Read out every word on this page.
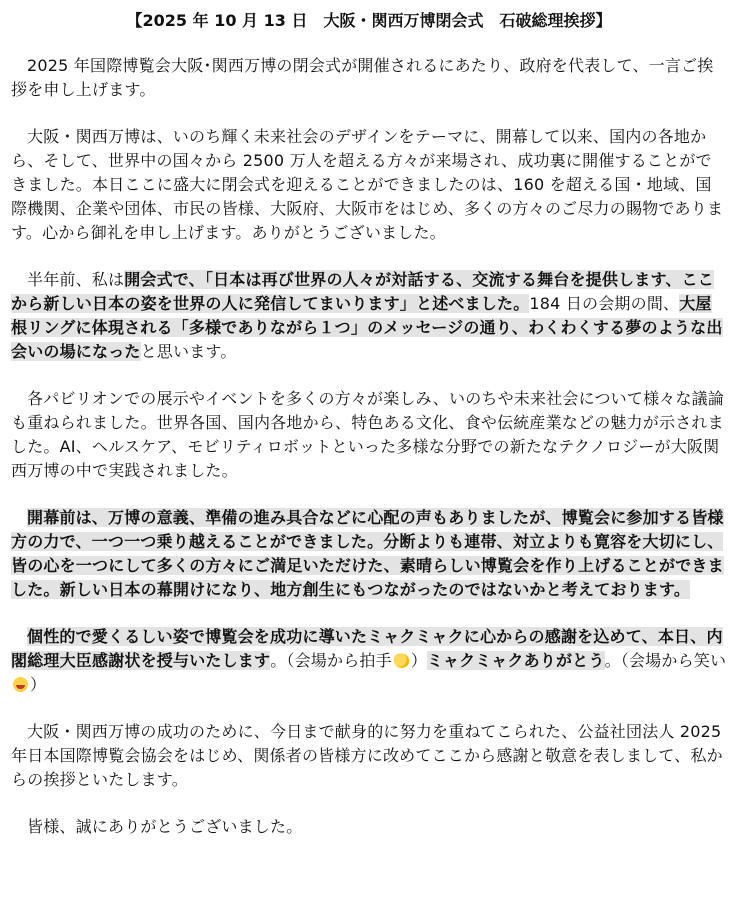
【2025 年 10 月 13 日　大阪・関西万博閉会式　石破総理挨拶】

2025 年国際博覧会大阪･関西万博の閉会式が開催されるにあたり、政府を代表して、一言ご挨拶を申し上げます。

大阪・関西万博は、いのち輝く未来社会のデザインをテーマに、開幕して以来、国内の各地から、そして、世界中の国々から 2500 万人を超える方々が来場され、成功裏に開催することができました。本日ここに盛大に閉会式を迎えることができましたのは、160 を超える国・地域、国際機関、企業や団体、市民の皆様、大阪府、大阪市をはじめ、多くの方々のご尽力の賜物であります。心から御礼を申し上げます。ありがとうございました。

半年前、私は開会式で、「日本は再び世界の人々が対話する、交流する舞台を提供します、ここから新しい日本の姿を世界の人に発信してまいります」と述べました。184 日の会期の間、大屋根リングに体現される「多様でありながら１つ」のメッセージの通り、わくわくする夢のような出会いの場になったと思います。

各パビリオンでの展示やイベントを多くの方々が楽しみ、いのちや未来社会について様々な議論も重ねられました。世界各国、国内各地から、特色ある文化、食や伝統産業などの魅力が示されました。AI、ヘルスケア、モビリティロボットといった多様な分野での新たなテクノロジーが大阪関西万博の中で実践されました。

開幕前は、万博の意義、準備の進み具合などに心配の声もありましたが、博覧会に参加する皆様方の力で、一つ一つ乗り越えることができました。分断よりも連帯、対立よりも寛容を大切にし、皆の心を一つにして多くの方々にご満足いただけた、素晴らしい博覧会を作り上げることができました。新しい日本の幕開けになり、地方創生にもつながったのではないかと考えております。

個性的で愛くるしい姿で博覧会を成功に導いたミャクミャクに心からの感謝を込めて、本日、内閣総理大臣感謝状を授与いたします。（会場から拍手 ）ミャクミャクありがとう。（会場から笑い）

大阪・関西万博の成功のために、今日まで献身的に努力を重ねてこられた、公益社団法人 2025 年日本国際博覧会協会をはじめ、関係者の皆様方に改めてここから感謝と敬意を表しまして、私からの挨拶といたします。

皆様、誠にありがとうございました。
